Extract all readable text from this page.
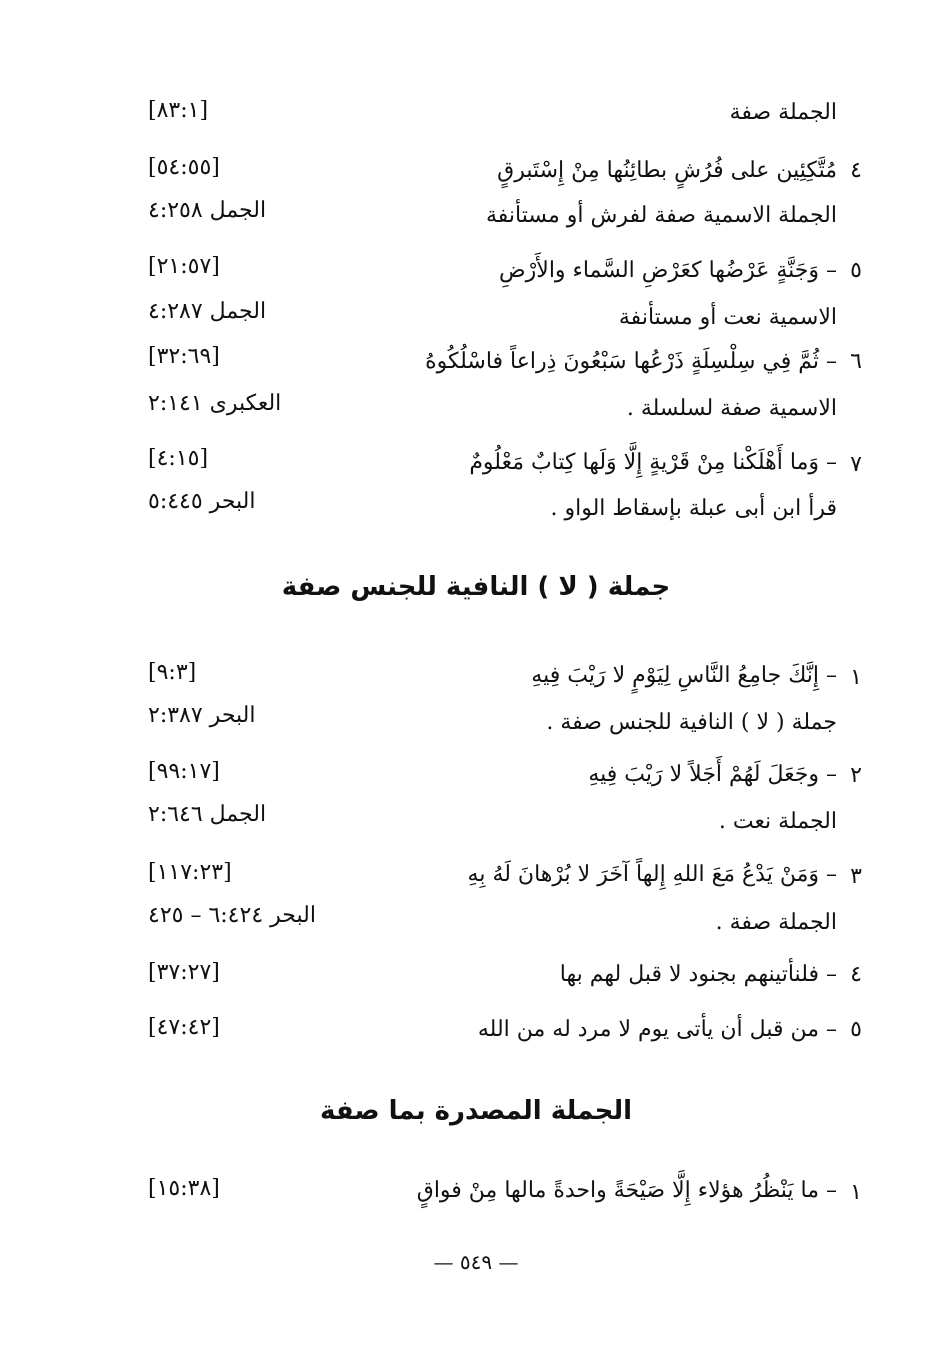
الجملة صفة
[٨٣:١]
٤
مُتَّكِئِين على فُرُشٍ بطائِنُها مِنْ إِسْتَبرقٍ
[٥٤:٥٥]
الجملة الاسمية صفة لفرش أو مستأنفة
الجمل ٤:٢٥٨
٥
– وَجَنَّةٍ عَرْضُها كعَرْضِ السَّماء والأَرْضِ
[٢١:٥٧]
الاسمية نعت أو مستأنفة
الجمل ٤:٢٨٧
٦
– ثُمَّ فِي سِلْسِلَةٍ ذَرْعُها سَبْعُونَ ذِراعاً فاسْلُكُوهُ
[٣٢:٦٩]
الاسمية صفة لسلسلة .
العكبرى ٢:١٤١
٧
– وَما أَهْلَكْنا مِنْ قَرْيةٍ إِلَّا وَلَها كِتابٌ مَعْلُومٌ
[٤:١٥]
قرأ ابن أبى عبلة بإسقاط الواو .
البحر ٥:٤٤٥
جملة ( لا ) النافية للجنس صفة
١
– إِنَّكَ جامِعُ النَّاسِ لِيَوْمٍ لا رَيْبَ فِيهِ
[٩:٣]
جملة ( لا ) النافية للجنس صفة .
البحر ٢:٣٨٧
٢
– وجَعَلَ لَهُمْ أَجَلاً لا رَيْبَ فِيهِ
[٩٩:١٧]
الجملة نعت .
الجمل ٢:٦٤٦
٣
– وَمَنْ يَدْعُ مَعَ اللهِ إِلهاً آخَرَ لا بُرْهانَ لَهُ بِهِ
[١١٧:٢٣]
الجملة صفة .
البحر ٦:٤٢٤ – ٤٢٥
٤
– فلنأتينهم بجنود لا قبل لهم بها
[٣٧:٢٧]
٥
– من قبل أن يأتى يوم لا مرد له من الله
[٤٧:٤٢]
الجملة المصدرة بما صفة
١
– ما يَنْظُرُ هؤلاء إِلَّا صَيْحَةً واحدةً مالها مِنْ فواقٍ
[١٥:٣٨]
— ٥٤٩ —
